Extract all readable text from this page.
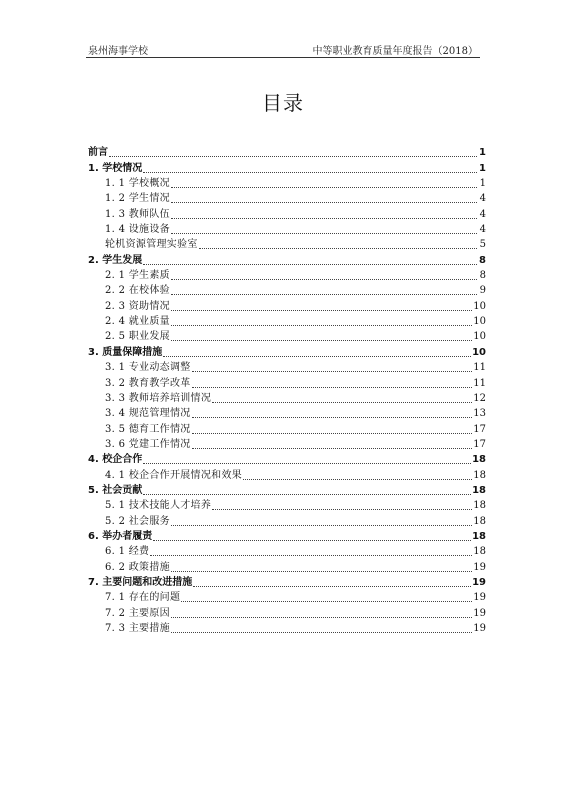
泉州海事学校	中等职业教育质量年度报告（2018）
目录
前言	1
1. 学校情况	1
1. 1 学校概况	1
1. 2 学生情况	4
1. 3 教师队伍	4
1. 4 设施设备	4
轮机资源管理实验室	5
2. 学生发展	8
2. 1 学生素质	8
2. 2 在校体验	9
2. 3 资助情况	10
2. 4 就业质量	10
2. 5 职业发展	10
3. 质量保障措施	10
3. 1 专业动态调整	11
3. 2 教育教学改革	11
3. 3 教师培养培训情况	12
3. 4 规范管理情况	13
3. 5 德育工作情况	17
3. 6 党建工作情况	17
4. 校企合作	18
4. 1 校企合作开展情况和效果	18
5. 社会贡献	18
5. 1 技术技能人才培养	18
5. 2 社会服务	18
6. 举办者履责	18
6. 1 经费	18
6. 2 政策措施	19
7. 主要问题和改进措施	19
7. 1 存在的问题	19
7. 2 主要原因	19
7. 3 主要措施	19
